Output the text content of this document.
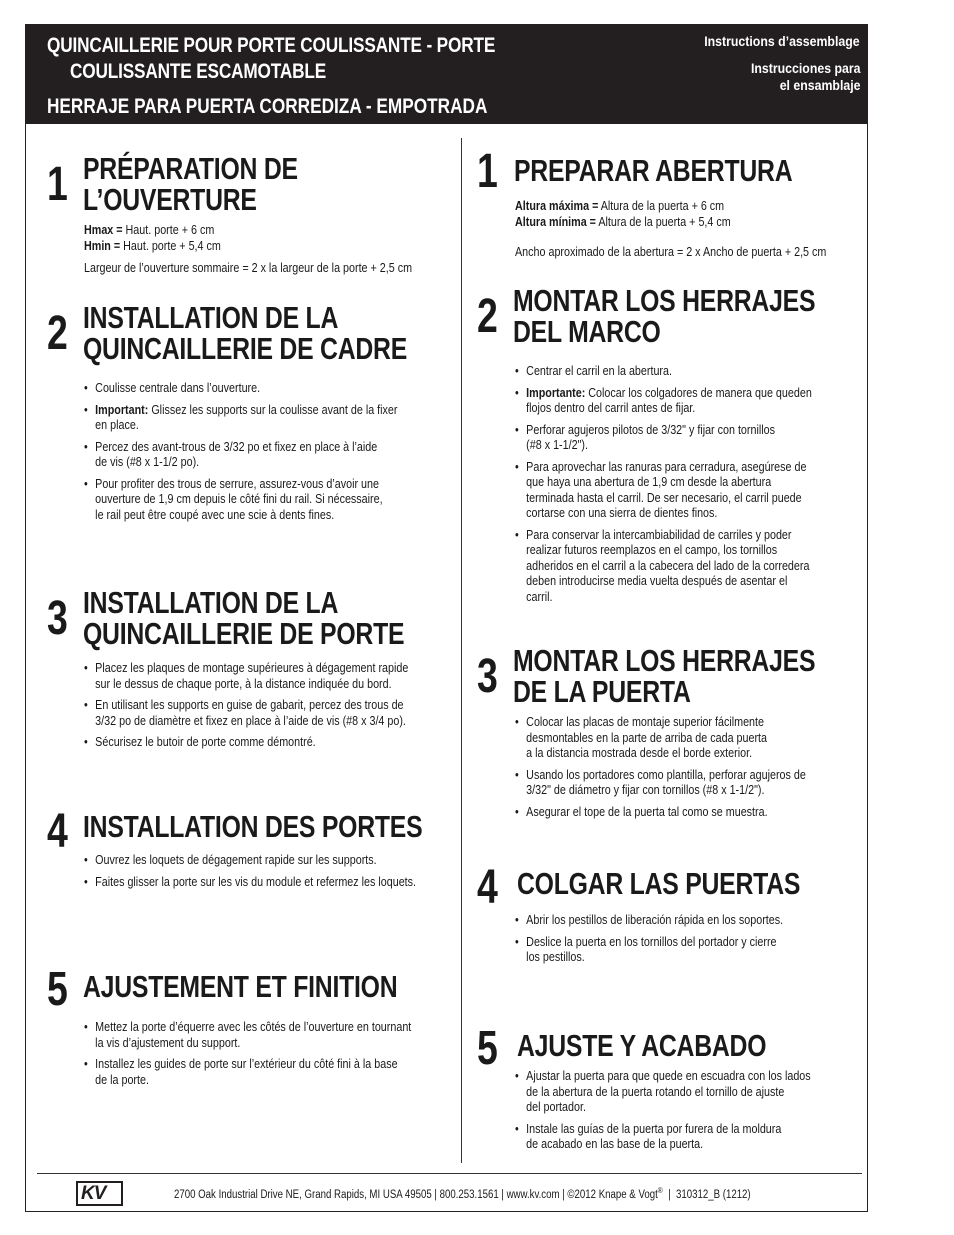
QUINCAILLERIE POUR PORTE COULISSANTE - PORTE
COULISSANTE ESCAMOTABLE
HERRAJE PARA PUERTA CORREDIZA - EMPOTRADA
Instructions d’assemblage
Instrucciones para
el ensamblaje
1 PRÉPARATION DE
L’OUVERTURE

Hmax = Haut. porte + 6 cm

Hmin = Haut. porte + 5,4 cm

Largeur de l’ouverture sommaire = 2 x la largeur de la porte + 2,5 cm

2 INSTALLATION DE LA
QUINCAILLERIE DE CADRE
• Coulisse centrale dans l’ouverture.
• Important: Glissez les supports sur la coulisse avant de la fixer
en place.
• Percez des avant-trous de 3/32 po et fixez en place à l’aide
de vis (#8 x 1-1/2 po).
• Pour profiter des trous de serrure, assurez-vous d’avoir une
ouverture de 1,9 cm depuis le côté fini du rail. Si nécessaire,
le rail peut être coupé avec une scie à dents fines.
3 INSTALLATION DE LA
QUINCAILLERIE DE PORTE
• Placez les plaques de montage supérieures à dégagement rapide
sur le dessus de chaque porte, à la distance indiquée du bord.
• En utilisant les supports en guise de gabarit, percez des trous de
3/32 po de diamètre et fixez en place à l’aide de vis (#8 x 3/4 po).
• Sécurisez le butoir de porte comme démontré.
4 INSTALLATION DES PORTES
• Ouvrez les loquets de dégagement rapide sur les supports.
• Faites glisser la porte sur les vis du module et refermez les loquets.
5 AJUSTEMENT ET FINITION
• Mettez la porte d’équerre avec les côtés de l’ouverture en tournant
la vis d’ajustement du support.
• Installez les guides de porte sur l’extérieur du côté fini à la base
de la porte.
1 PREPARAR ABERTURA

Altura máxima = Altura de la puerta + 6 cm

Altura mínima = Altura de la puerta + 5,4 cm

Ancho aproximado de la abertura = 2 x Ancho de puerta + 2,5 cm

2 MONTAR LOS HERRAJES
DEL MARCO
• Centrar el carril en la abertura.
• Importante: Colocar los colgadores de manera que queden
flojos dentro del carril antes de fijar.
• Perforar agujeros pilotos de 3/32" y fijar con tornillos
(#8 x 1-1/2").
• Para aprovechar las ranuras para cerradura, asegúrese de
que haya una abertura de 1,9 cm desde la abertura
terminada hasta el carril. De ser necesario, el carril puede
cortarse con una sierra de dientes finos.
• Para conservar la intercambiabilidad de carriles y poder
realizar futuros reemplazos en el campo, los tornillos
adheridos en el carril a la cabecera del lado de la corredera
deben introducirse media vuelta después de asentar el
carril.
3 MONTAR LOS HERRAJES
DE LA PUERTA
• Colocar las placas de montaje superior fácilmente
desmontables en la parte de arriba de cada puerta
a la distancia mostrada desde el borde exterior.
• Usando los portadores como plantilla, perforar agujeros de
3/32" de diámetro y fijar con tornillos (#8 x 1-1/2").
• Asegurar el tope de la puerta tal como se muestra.
4 COLGAR LAS PUERTAS
• Abrir los pestillos de liberación rápida en los soportes.
• Deslice la puerta en los tornillos del portador y cierre
los pestillos.
5 AJUSTE Y ACABADO
• Ajustar la puerta para que quede en escuadra con los lados
de la abertura de la puerta rotando el tornillo de ajuste
del portador.
• Instale las guías de la puerta por furera de la moldura
de acabado en las base de la puerta.
KV	2700 Oak Industrial Drive NE, Grand Rapids, MI USA 49505 | 800.253.1561 | www.kv.com | ©2012 Knape & Vogt®  |  310312_B (1212)
